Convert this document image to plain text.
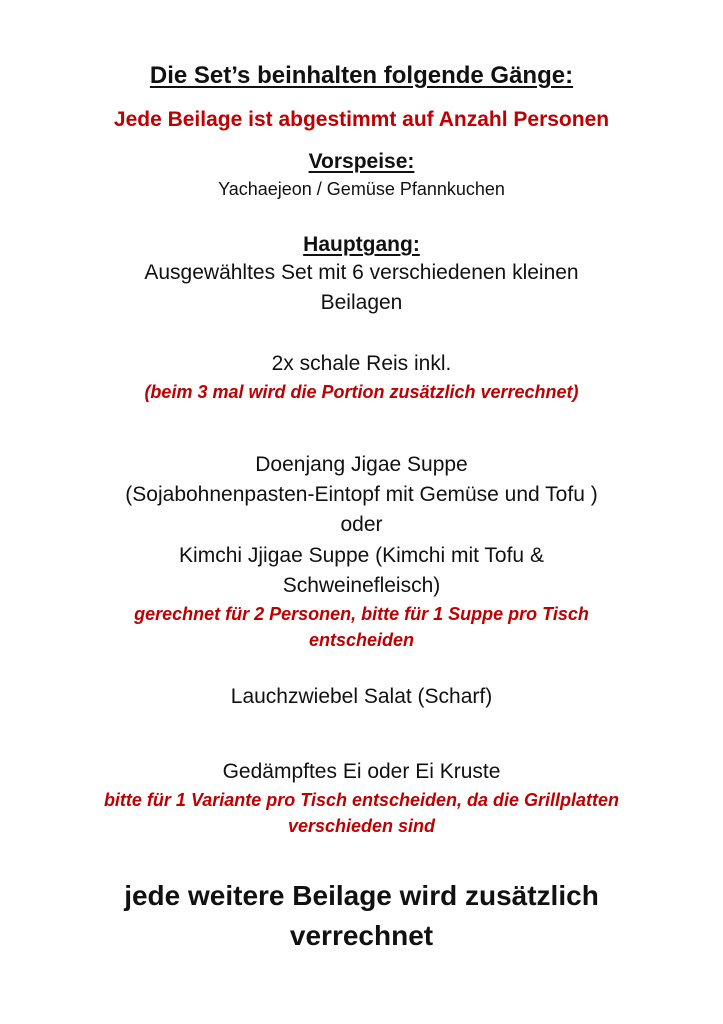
Die Set’s beinhalten folgende Gänge:
Jede Beilage ist abgestimmt auf Anzahl Personen
Vorspeise:
Yachaejeon / Gemüse Pfannkuchen
Hauptgang:
Ausgewähltes Set mit 6 verschiedenen kleinen
Beilagen
2x schale Reis inkl.
(beim 3 mal wird die Portion zusätzlich verrechnet)
Doenjang Jigae Suppe
(Sojabohnenpasten-Eintopf mit Gemüse und Tofu )
oder
Kimchi Jjigae Suppe (Kimchi mit Tofu &
Schweinefleisch)
gerechnet für 2 Personen, bitte für 1 Suppe pro Tisch
entscheiden
Lauchzwiebel Salat (Scharf)
Gedämpftes Ei oder Ei Kruste
bitte für 1 Variante pro Tisch entscheiden, da die Grillplatten
verschieden sind
jede weitere Beilage wird zusätzlich
verrechnet
